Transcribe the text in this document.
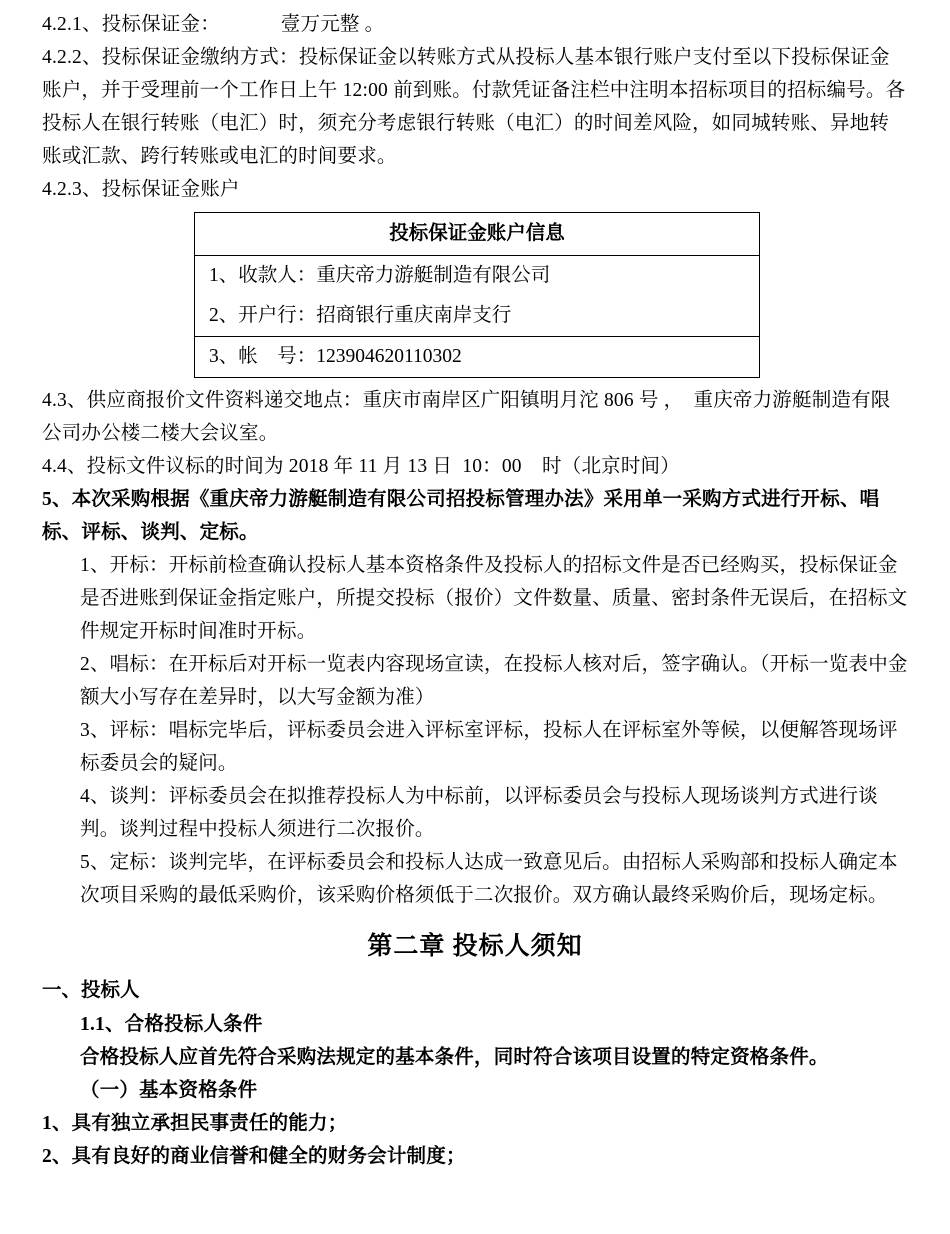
4.2.1、投标保证金：            壹万元整 。
4.2.2、投标保证金缴纳方式：投标保证金以转账方式从投标人基本银行账户支付至以下投标保证金账户，并于受理前一个工作日上午 12:00 前到账。付款凭证备注栏中注明本招标项目的招标编号。各投标人在银行转账（电汇）时，须充分考虑银行转账（电汇）的时间差风险，如同城转账、异地转账或汇款、跨行转账或电汇的时间要求。
4.2.3、投标保证金账户
投标保证金账户信息
1、收款人：重庆帝力游艇制造有限公司
2、开户行：招商银行重庆南岸支行
3、帐　号：123904620110302
4.3、供应商报价文件资料递交地点：重庆市南岸区广阳镇明月沱 806 号 ，  重庆帝力游艇制造有限公司办公楼二楼大会议室。
4.4、投标文件议标的时间为 2018 年 11 月 13 日  10：00    时（北京时间）
5、本次采购根据《重庆帝力游艇制造有限公司招投标管理办法》采用单一采购方式进行开标、唱标、评标、谈判、定标。
1、开标：开标前检查确认投标人基本资格条件及投标人的招标文件是否已经购买，投标保证金是否进账到保证金指定账户，所提交投标（报价）文件数量、质量、密封条件无误后，在招标文件规定开标时间准时开标。
2、唱标：在开标后对开标一览表内容现场宣读，在投标人核对后，签字确认。（开标一览表中金额大小写存在差异时，以大写金额为准）
3、评标：唱标完毕后，评标委员会进入评标室评标，投标人在评标室外等候，以便解答现场评标委员会的疑问。
4、谈判：评标委员会在拟推荐投标人为中标前，以评标委员会与投标人现场谈判方式进行谈判。谈判过程中投标人须进行二次报价。
5、定标：谈判完毕，在评标委员会和投标人达成一致意见后。由招标人采购部和投标人确定本次项目采购的最低采购价，该采购价格须低于二次报价。双方确认最终采购价后，现场定标。
第二章 投标人须知
一、投标人
1.1、合格投标人条件
合格投标人应首先符合采购法规定的基本条件，同时符合该项目设置的特定资格条件。
（一）基本资格条件
1、具有独立承担民事责任的能力；
2、具有良好的商业信誉和健全的财务会计制度；
